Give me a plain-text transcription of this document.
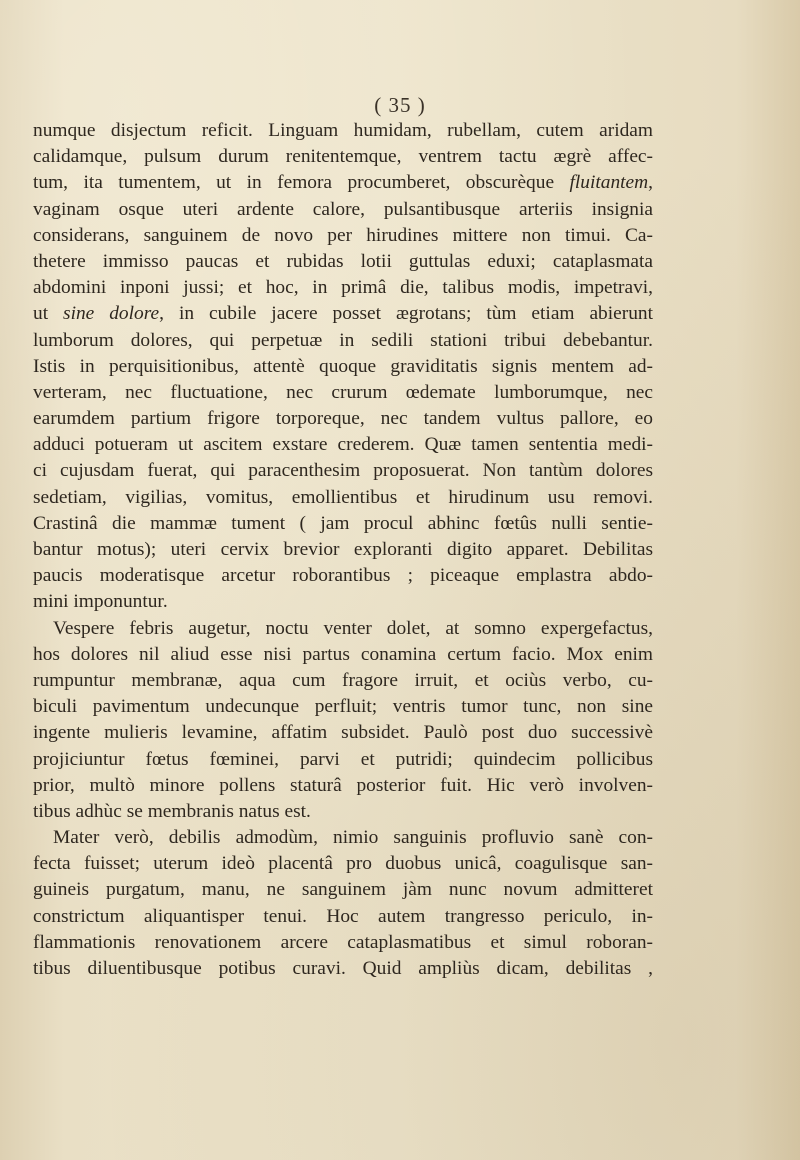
( 35 )
numque disjectum reficit. Linguam humidam, rubellam, cutem aridam
calidamque, pulsum durum renitentemque, ventrem tactu ægrè affec-
tum, ita tumentem, ut in femora procumberet, obscurèque fluitantem,
vaginam osque uteri ardente calore, pulsantibusque arteriis insignia
considerans, sanguinem de novo per hirudines mittere non timui. Ca-
thetere immisso paucas et rubidas lotii guttulas eduxi; cataplasmata
abdomini inponi jussi; et hoc, in primâ die, talibus modis, impetravi,
ut sine dolore, in cubile jacere posset ægrotans; tùm etiam abierunt
lumborum dolores, qui perpetuæ in sedili stationi tribui debebantur.
Istis in perquisitionibus, attentè quoque graviditatis signis mentem ad-
verteram, nec fluctuatione, nec crurum œdemate lumborumque, nec
earumdem partium frigore torporeque, nec tandem vultus pallore, eo
adduci potueram ut ascitem exstare crederem. Quæ tamen sententia medi-
ci cujusdam fuerat, qui paracenthesim proposuerat. Non tantùm dolores
sedetiam, vigilias, vomitus, emollientibus et hirudinum usu removi.
Crastinâ die mammæ tument ( jam procul abhinc fœtûs nulli sentie-
bantur motus); uteri cervix brevior exploranti digito apparet. Debilitas
paucis moderatisque arcetur roborantibus ; piceaque emplastra abdo-
mini imponuntur.
Vespere febris augetur, noctu venter dolet, at somno expergefactus,
hos dolores nil aliud esse nisi partus conamina certum facio. Mox enim
rumpuntur membranæ, aqua cum fragore irruit, et ociùs verbo, cu-
biculi pavimentum undecunque perfluit; ventris tumor tunc, non sine
ingente mulieris levamine, affatim subsidet. Paulò post duo successivè
projiciuntur fœtus fœminei, parvi et putridi; quindecim pollicibus
prior, multò minore pollens staturâ posterior fuit. Hic verò involven-
tibus adhùc se membranis natus est.
Mater verò, debilis admodùm, nimio sanguinis profluvio sanè con-
fecta fuisset; uterum ideò placentâ pro duobus unicâ, coagulisque san-
guineis purgatum, manu, ne sanguinem jàm nunc novum admitteret
constrictum aliquantisper tenui. Hoc autem trangresso periculo, in-
flammationis renovationem arcere cataplasmatibus et simul roboran-
tibus diluentibusque potibus curavi. Quid ampliùs dicam, debilitas ,
